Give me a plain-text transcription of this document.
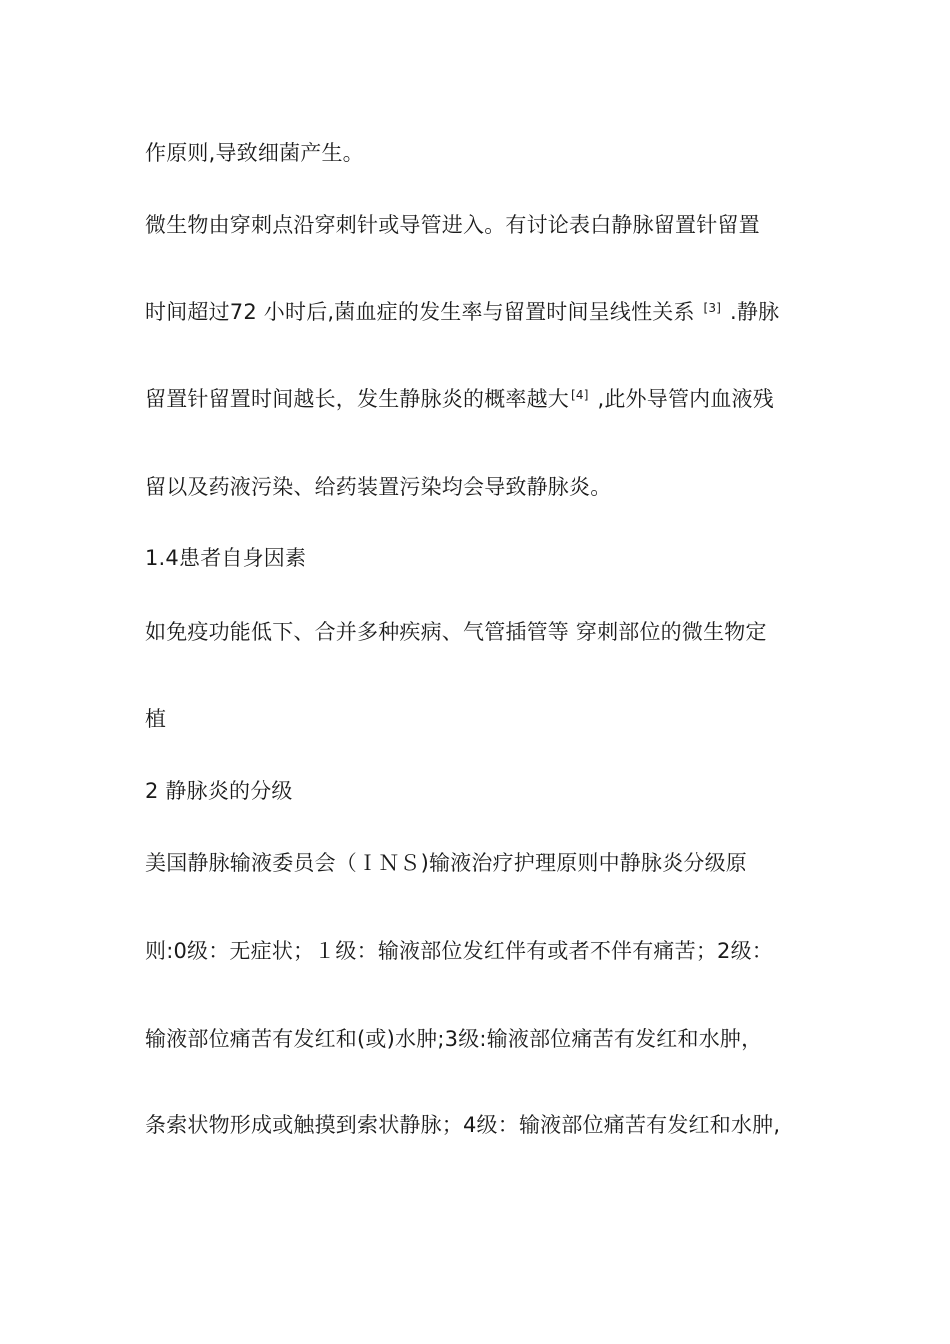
作原则,导致细菌产生。
微生物由穿刺点沿穿刺针或导管进入。有讨论表白静脉留置针留置
时间超过72 小时后,菌血症的发生率与留置时间呈线性关系 [3] .静脉
留置针留置时间越长，发生静脉炎的概率越大 [4] ,此外导管内血液残
留以及药液污染、给药装置污染均会导致静脉炎。
1.4患者自身因素
如免疫功能低下、合并多种疾病、气管插管等 穿刺部位的微生物定
植
2 静脉炎的分级
美国静脉输液委员会（ＩＮＳ)输液治疗护理原则中静脉炎分级原
则:0级：无症状；１级：输液部位发红伴有或者不伴有痛苦；2级：
输液部位痛苦有发红和(或)水肿;3级:输液部位痛苦有发红和水肿，
条索状物形成或触摸到索状静脉；4级：输液部位痛苦有发红和水肿,
